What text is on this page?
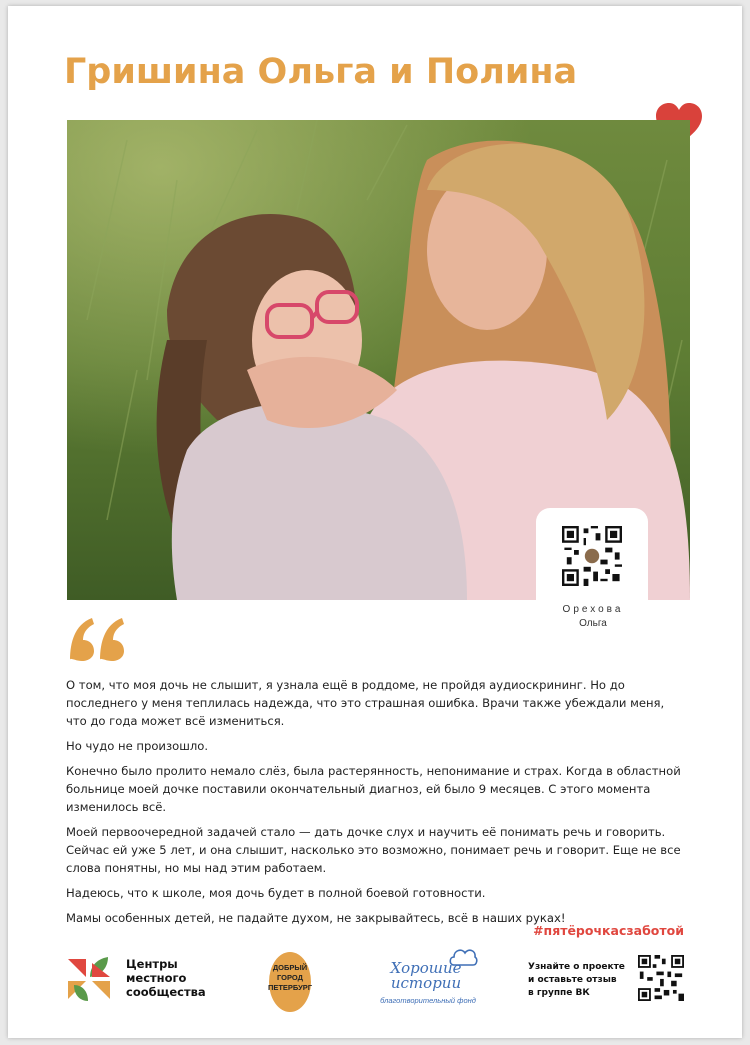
Гришина Ольга и Полина
Орехова
Ольга

О том, что моя дочь не слышит, я узнала ещё в роддоме, не пройдя аудиоскрининг. Но до последнего у меня теплилась надежда, что это страшная ошибка. Врачи также убеждали меня, что до года может всё измениться.

Но чудо не произошло.

Конечно было пролито немало слёз, была растерянность, непонимание и страх. Когда в областной больнице моей дочке поставили окончательный диагноз, ей было 9 месяцев. С этого момента изменилось всё.

Моей первоочередной задачей стало — дать дочке слух и научить её понимать речь и говорить. Сейчас ей уже 5 лет, и она слышит, насколько это возможно, понимает речь и говорит. Еще не все слова понятны, но мы над этим работаем.

Надеюсь, что к школе, моя дочь будет в полной боевой готовности.

Мамы особенных детей, не падайте духом, не закрывайтесь, всё в наших руках!

#пятёрочкасзаботой
Центры
местного
сообщества
ДОБРЫЙ
ГОРОД
ПЕТЕРБУРГ
Хорошие
истории
благотворительный фонд
Узнайте о проекте
и оставьте отзыв
в группе ВК
